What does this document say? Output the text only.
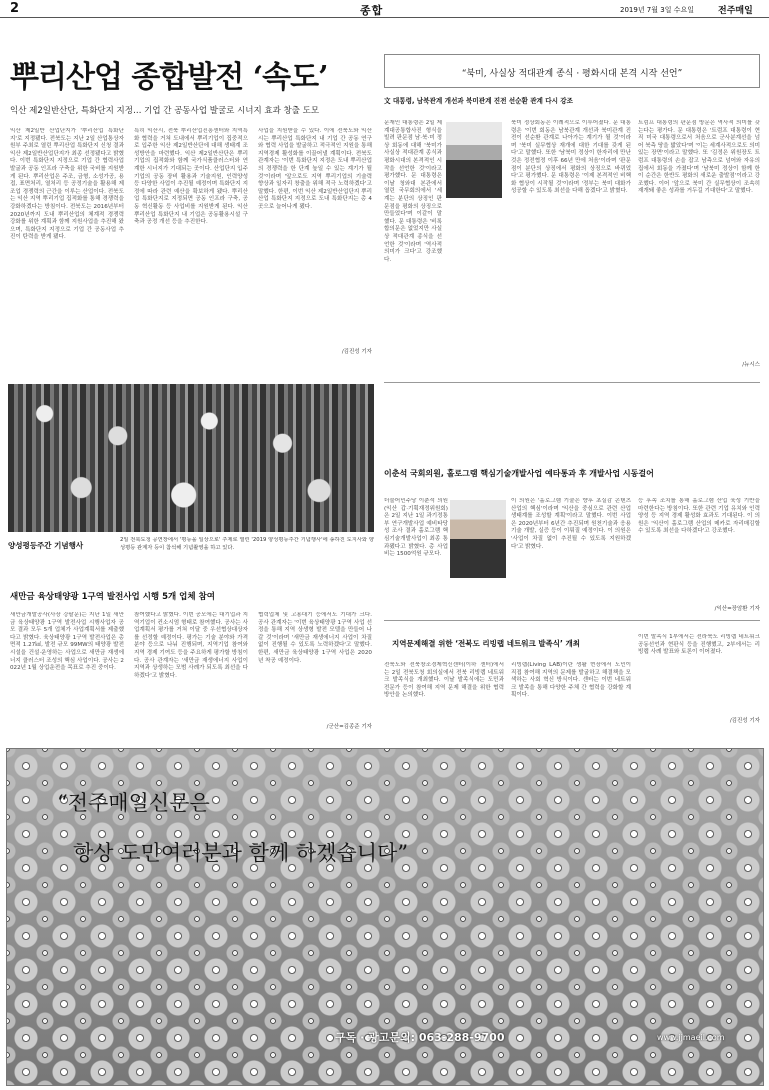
2	종합	2019년 7월 3일 수요일	전주매일
뿌리산업 종합발전 ‘속도’
익산 제2일반산단, 특화단지 지정… 기업 간 공동사업 발굴로 시너지 효과 창출 도모
익산 제2일반 산업단지가 '뿌리산업 특화단지'로 지정됐다. 전북도는 지난 2일 산업통상자원부 주최로 열린 뿌리산업 특화단지 신청 결과 익산 제2일반산업단지가 최종 선정됐다고 밝혔다. 이번 특화단지 지정으로 기업 간 협력사업 발굴과 공동 인프라 구축을 위한 국비를 지원받게 된다. 뿌리산업은 주조, 금형, 소성가공, 용접, 표면처리, 열처리 등 공정기술을 활용해 제조업 경쟁력의 근간을 이루는 산업이다. 전북도는 익산 지역 뿌리기업 집적화를 통해 경쟁력을 강화하겠다는 방침이다. 전북도는 2016년부터 2020년까지 도내 뿌리산업의 체계적 경쟁력 강화를 위한 계획과 함께 지원사업을 추진해 왔으며, 특화단지 지정으로 기업 간 공동사업 추진이 탄력을 받게 됐다.
특히 익산시, 전북 뿌리산업진흥센터와 지역특화 협력을 거쳐 도내에서 뿌리기업이 집중적으로 입주한 익산 제2일반산단에 대해 생태계 조성방안을 마련했다. 익산 제2일반산단은 뿌리기업의 집적화와 함께 국가식품클러스터와 연계한 시너지가 기대되는 곳이다. 산업단지 입주기업의 공동 장비 활용과 기술지원, 인력양성 등 다양한 사업이 추진될 예정이며 특화단지 지정에 따라 관련 예산을 확보하게 됐다. 뿌리산업 특화단지로 지정되면 공동 인프라 구축, 공동 혁신활동 등 사업비를 지원받게 된다. 익산 뿌리산업 특화단지 내 기업은 공동활용시설 구축과 공정 개선 등을 추진한다.
사업을 지원받을 수 있다. 이에 전북도와 익산시는 뿌리산업 특화단지 내 기업 간 공동 연구와 협력 사업을 발굴하고 적극적인 지원을 통해 지역경제 활성화를 이끌어낼 계획이다. 전북도 관계자는 '이번 특화단지 지정은 도내 뿌리산업의 경쟁력을 한 단계 높일 수 있는 계기가 될 것'이라며 '앞으로도 지역 뿌리기업의 기술력 향상과 일자리 창출을 위해 적극 노력하겠다'고 말했다. 한편, 이번 익산 제2일반산업단지 뿌리산업 특화단지 지정으로 도내 특화단지는 총 4곳으로 늘어나게 됐다.
/김진성 기자
양성평등주간 기념행사
2일 전북도청 공연장에서 '평등을 일상으로' 주제로 열린 '2019 양성평등주간 기념행사'에 송하진 도지사와 양성평등 관계자 등이 참석해 기념촬영을 하고 있다.
새만금 육상태양광 1구역 발전사업 시행 5개 업체 참여
새만금개발공사(사장 강팔문)는 지난 1일 새만금 육상태양광 1구역 발전사업 시행사업자 공모 결과 모두 5개 업체가 사업계획서를 제출했다고 밝혔다. 육상태양광 1구역 발전사업은 총 면적 1.27㎢, 발전 규모 99MW의 태양광 발전시설을 건설·운영하는 사업으로 새만금 재생에너지 클러스터 조성의 핵심 사업이다. 공사는 2022년 1월 상업운전을 목표로 추진 중이다.
참여했다고 밝혔다. 이번 공모에는 대기업과 지역기업이 컨소시엄 형태로 참여했다. 공사는 사업계획서 평가를 거쳐 이달 중 우선협상대상자를 선정할 예정이다. 평가는 기술 분야와 가격 분야 등으로 나눠 진행되며, 지역기업 참여와 지역 경제 기여도 등을 주요하게 평가할 방침이다. 공사 관계자는 '새만금 재생에너지 사업이 지역과 상생하는 모범 사례가 되도록 최선을 다하겠다'고 밝혔다.
협력업체 및 고용대기 등에서도 기대가 크다. 공사 관계자는 '이번 육상태양광 1구역 사업 선정을 통해 지역 상생형 발전 모델을 만들어 나갈 것'이라며 '새만금 재생에너지 사업이 차질 없이 진행될 수 있도록 노력하겠다'고 말했다. 한편, 새만금 육상태양광 1구역 사업은 2020년 착공 예정이다.
/군산=김종준 기자
“북미, 사실상 적대관계 종식 · 평화시대 본격 시작 선언”
文 대통령, 남북관계 개선과 북미관계 진전 선순환 관계 다시 강조
문재인 대통령은 2일 제계대공통합사진 형식을 빌려 판문점 남·북·미 정상 회동에 대해 '북미가 사실상 적대관계 종식과 평화시대의 본격적인 시작을 선언한 것'이라고 평가했다. 문 대통령은 이날 청와대 본관에서 열린 국무회의에서 '세계는 분단의 상징인 판문점을 평화의 상징으로 만들었다'며 이같이 말했다. 문 대통령은 '비록 합의문은 없었지만 사실상 적대관계 종식을 선언한 것'이라며 '역사적 의미가 크다'고 강조했다.
북미 정상회동은 이례적으로 이루어졌다. 문 대통령은 '이번 회동은 남북관계 개선과 북미관계 진전이 선순환 관계로 나아가는 계기가 될 것'이라며 '북미 실무협상 재개에 대한 기대를 갖게 된다'고 말했다. 또한 '남북미 정상이 한자리에 만난 것은 정전협정 이후 66년 만에 처음'이라며 '판문점이 분단의 상징에서 평화의 상징으로 바뀌었다'고 평가했다. 문 대통령은 '이제 본격적인 비핵화 협상이 시작될 것'이라며 '정부는 북미 대화가 성공할 수 있도록 최선을 다해 돕겠다'고 밝혔다.
트럼프 대통령의 판문점 방문은 역사적 의미를 갖는다는 평가다. 문 대통령은 '트럼프 대통령이 현직 미국 대통령으로서 처음으로 군사분계선을 넘어 북측 땅을 밟았다'며 '이는 세계사적으로도 의미 있는 장면'이라고 말했다. 또 '김정은 위원장도 트럼프 대통령의 손을 잡고 남측으로 넘어와 자유의 집에서 회동을 가졌다'며 '남북미 정상이 함께 한 이 순간은 한반도 평화의 새로운 출발점'이라고 강조했다. 이어 '앞으로 북미 간 실무협상이 조속히 재개돼 좋은 성과를 거두길 기대한다'고 말했다.
/뉴시스
이춘석 국회의원, 홀로그램 핵심기술개발사업 예타통과 후 개발사업 시동걸어
더불어민주당 이춘석 의원(익산 갑·기획재정위원회)은 2일 지난 1일 과기정통부 연구개발사업 예비타당성 조사 결과 홀로그램 핵심기술개발사업이 최종 통과됐다고 밝혔다. 총 사업비는 1500억원 규모다.
이 의원은 '홀로그램 기술은 향후 초실감 콘텐츠 산업의 핵심'이라며 '익산을 중심으로 관련 산업 생태계를 조성할 계획'이라고 말했다. 이번 사업은 2020년부터 6년간 추진되며 원천기술과 응용기술 개발, 실증 등이 이뤄질 예정이다. 이 의원은 '사업이 차질 없이 추진될 수 있도록 지원하겠다'고 밝혔다.
등 후속 조치를 통해 홀로그램 산업 육성 기반을 마련한다는 방침이다. 또한 관련 기업 유치와 인력 양성 등 지역 경제 활성화 효과도 기대된다. 이 의원은 '익산이 홀로그램 산업의 메카로 자리매김할 수 있도록 최선을 다하겠다'고 강조했다.
/익산=장암환 기자
지역문제해결 위한 ‘전북도 리빙랩 네트워크 발족식’ 개최
전북도와 전북창조경제혁신센터(이하 센터)에서는 2일 전북도청 회의실에서 전북 리빙랩 네트워크 발족식을 개최했다. 이날 발족식에는 도민과 전문가 등이 참여해 지역 문제 해결을 위한 협력 방안을 논의했다.
리빙랩(Living LAB)이란 생활 현장에서 도민이 직접 참여해 지역의 문제를 발굴하고 해결책을 모색하는 사회 혁신 방식이다. 센터는 이번 네트워크 발족을 통해 다양한 주체 간 협력을 강화할 계획이다.
이번 발족식 1부에서는 전라북도 리빙랩 네트워크 공동선언과 현판식 등을 진행했고, 2부에서는 리빙랩 사례 발표와 토론이 이어졌다.
/김진성 기자
“전주매일신문은
항상 도민여러분과 함께 하겠습니다”
구독 · 광고문의: 063-288-9700	www.jjmaeil.com
